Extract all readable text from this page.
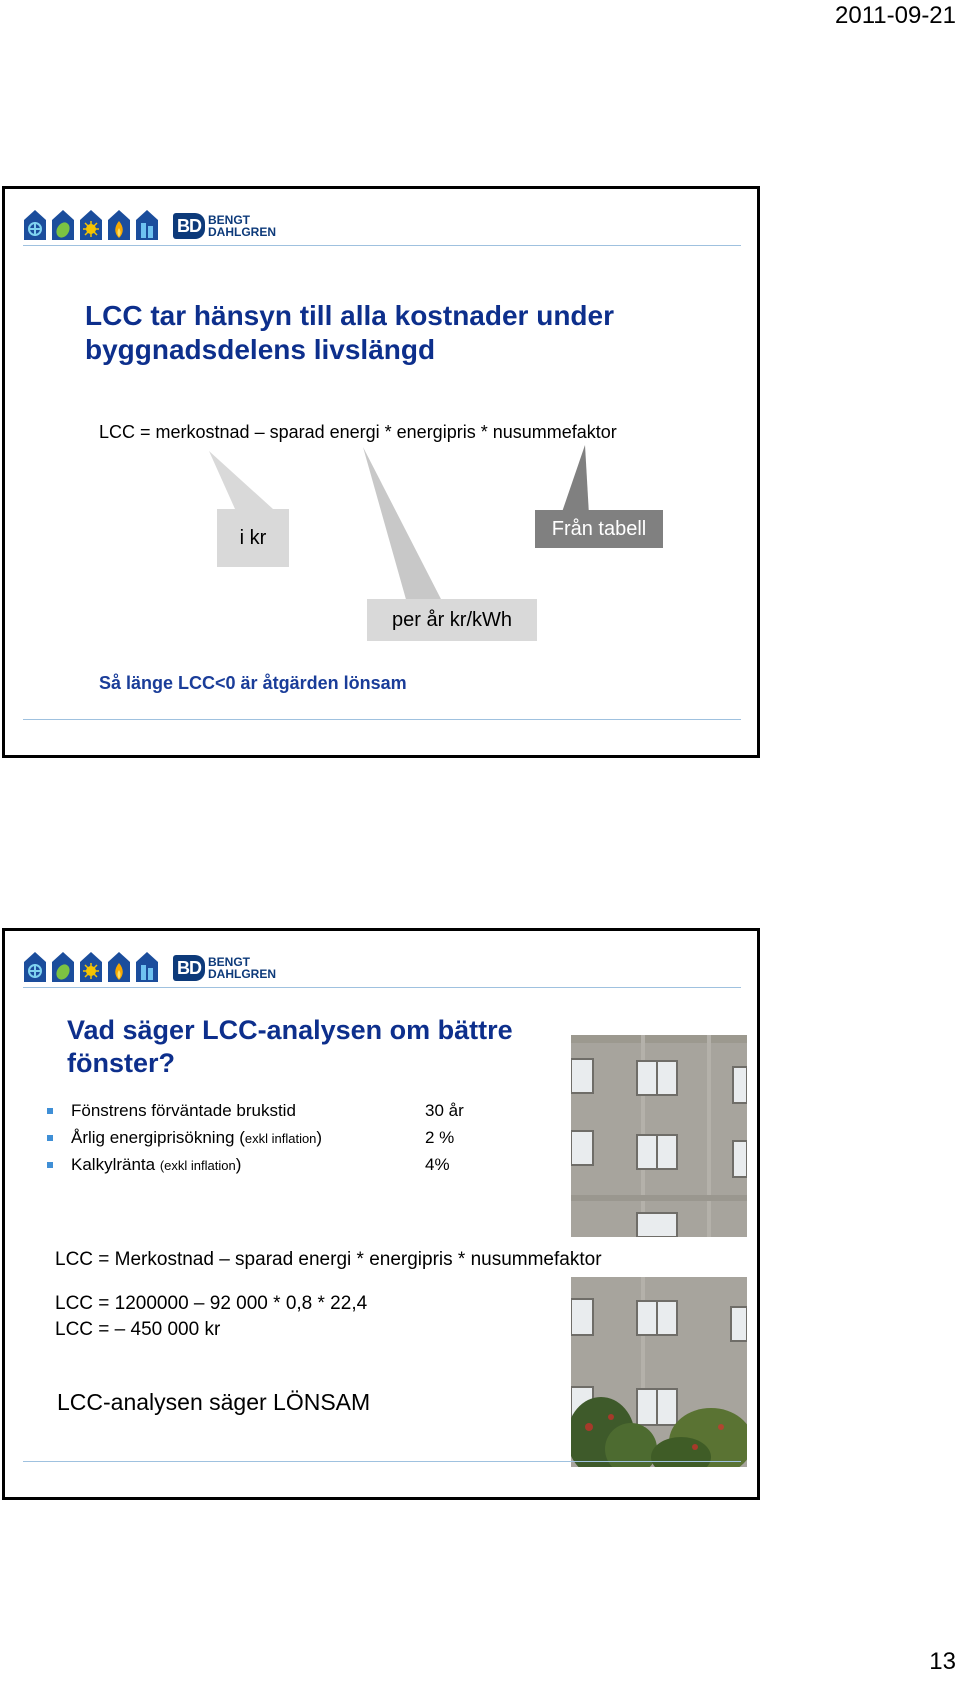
2011-09-21
BD BENGT
DAHLGREN
LCC tar hänsyn till alla kostnader under
byggnadsdelens livslängd
LCC = merkostnad – sparad energi * energipris * nusummefaktor
i kr	Från tabell
per år kr/kWh
Så länge LCC<0 är åtgärden lönsam
BD BENGT
DAHLGREN
Vad säger LCC-analysen om bättre
fönster?
Fönstrens förväntade brukstid	30 år
Årlig energiprisökning (exkl inflation)	2 %
Kalkylränta (exkl inflation)	4%
LCC = Merkostnad – sparad energi * energipris * nusummefaktor
LCC = 1200000 – 92 000 * 0,8 * 22,4
LCC = – 450 000 kr
LCC-analysen säger LÖNSAM
13
